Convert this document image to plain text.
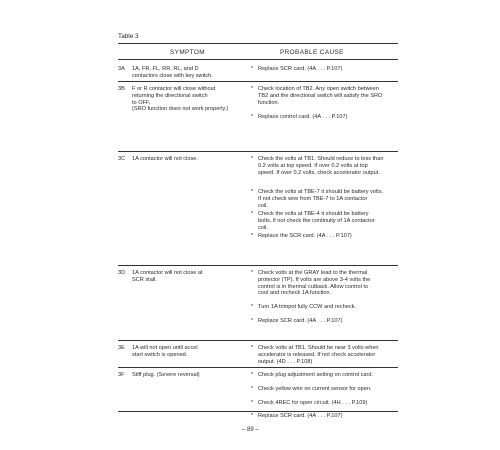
Table 3
SYMPTOM	PROBABLE CAUSE
3A 1A, FR, FL, RR, RL, and D
contactors close with key switch.
* Replace SCR card. (4A . . . P.107)
3B F or R contactor will close without
returning the directional switch
to OFF.
(SRO function does not work properly.)
* Check location of TB2. Any open switch between
TB2 and the directional switch will satisfy the SRO
function.
* Replace control card. (4A . . . P.107)
3C 1A contactor will not close.	* Check the volts at TB1. Should reduce to less than
0.2 volts at top speed. If over 0.2 volts at top
speed. If over 0.2 volts, check accelerator output.
* Check the volts at TBE-7 it should be battery volts.
If not check wire from TBE-7 to 1A contactor
coil.
* Check the volts at TBE-4 it should be battery
bolts, if not check the continuity of 1A contactor
coil.
* Replace the SCR card. (4A . . . P.107)
3D 1A contactor will not close at
SCR stall.
* Check volts at the GRAY lead to the thermal
protector (TP). If volts are above 3-4 volts the
control is in thermal cutback. Allow control to
cool and recheck 1A function.
* Turn 1A trimpot fully CCW and recheck.
* Replace SCR card. (4A . . . P.107)
3E 1A will not open until accel
start switch is opened.
* Check volts at TB1. Should be near 3 volts when
accelerator is released. If not check accelerator
output. (4D . . . P.108)
3F Stiff plug. (Severe reversal)	* Check plug adjustment setting on control card.
* Check yellow wire on current sensor for open.
* Check 4REC for open circuit. (4H . . . P.109)
* Replace SCR card. (4A . . . P.107)
– 89 –
